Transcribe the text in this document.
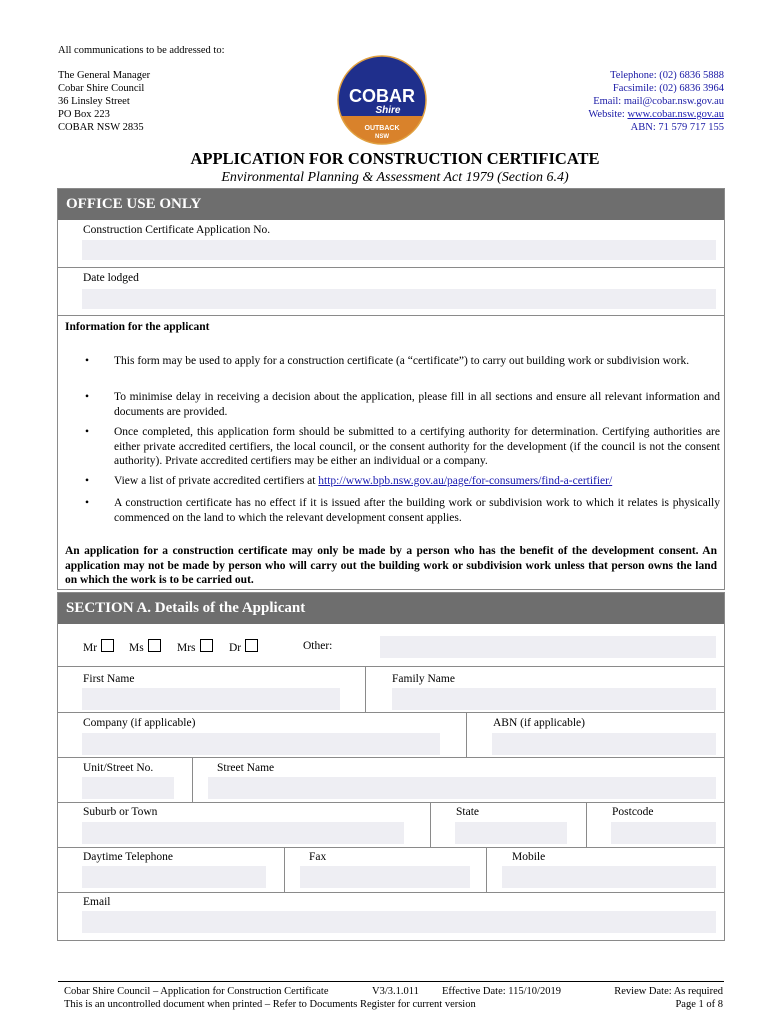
All communications to be addressed to:
The General Manager
Cobar Shire Council
36 Linsley Street
PO Box 223
COBAR NSW 2835
COBAR
Shire
OUTBACK
NSW
Telephone: (02) 6836 5888
Facsimile: (02) 6836 3964
Email: mail@cobar.nsw.gov.au
Website: www.cobar.nsw.gov.au
ABN: 71 579 717 155
APPLICATION FOR CONSTRUCTION CERTIFICATE
Environmental Planning & Assessment Act 1979 (Section 6.4)
OFFICE USE ONLY
Construction Certificate Application No.
Date lodged
Information for the applicant
•	This form may be used to apply for a construction certificate (a “certificate”) to carry out building work or subdivision work.
•	To minimise delay in receiving a decision about the application, please fill in all sections and ensure all relevant information and documents are provided.
•	Once completed, this application form should be submitted to a certifying authority for determination. Certifying authorities are either private accredited certifiers, the local council, or the consent authority for the development (if the council is not the consent authority). Private accredited certifiers may be either an individual or a company.
•	View a list of private accredited certifiers at http://www.bpb.nsw.gov.au/page/for-consumers/find-a-certifier/
•	A construction certificate has no effect if it is issued after the building work or subdivision work to which it relates is physically commenced on the land to which the relevant development consent applies.
An application for a construction certificate may only be made by a person who has the benefit of the development consent. An application may not be made by person who will carry out the building work or subdivision work unless that person owns the land on which the work is to be carried out.
SECTION A. Details of the Applicant
Mr	Ms	Mrs	Dr	Other:
First Name	Family Name
Company (if applicable)	ABN (if applicable)
Unit/Street No.	Street Name
Suburb or Town	State	Postcode
Daytime Telephone	Fax	Mobile
Email
Cobar Shire Council – Application for Construction Certificate	V3/3.1.011 Effective Date: 115/10/2019	Review Date: As required
This is an uncontrolled document when printed – Refer to Documents Register for current version	Page 1 of 8
